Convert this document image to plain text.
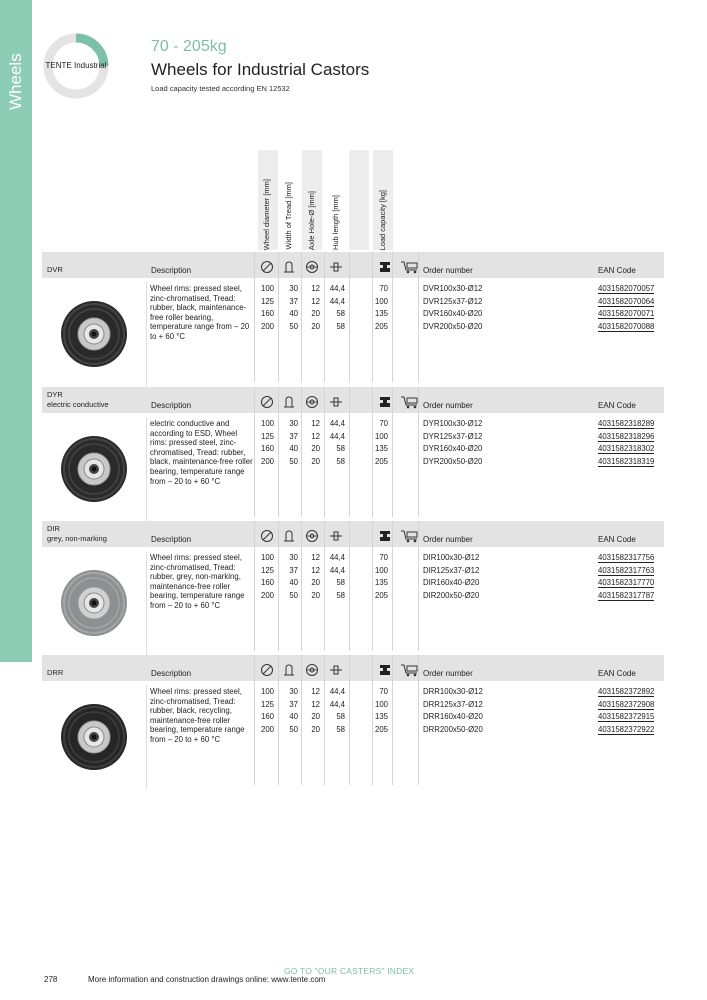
Wheels	TENTE Industrial
70 - 205kg
Wheels for Industrial Castors
Load capacity tested according EN 12532
Wheel diameter [mm] Width of Tread [mm] Axle Hole-Ø [mm] Hub length [mm]	Load capacity [kg]
DVR	Description	Order number	EAN Code
Wheel rims: pressed steel, zinc-chromatised, Tread: rubber, black, maintenance-free roller bearing, temperature range from – 20 to + 60 °C
100	30	12 44,4	70	DVR100x30-Ø12	4031582070057
125	37	12 44,4	100	DVR125x37-Ø12	4031582070064
160	40	20	58	135	DVR160x40-Ø20	4031582070071
200	50	20	58	205	DVR200x50-Ø20	4031582070088
DYR
electric conductive	Description	Order number	EAN Code
electric conductive and according to ESD, Wheel rims: pressed steel, zinc-chromatised, Tread: rubber, black, maintenance-free roller bearing, temperature range from – 20 to + 60 °C
100	30	12 44,4	70	DYR100x30-Ø12	4031582318289
125	37	12 44,4	100	DYR125x37-Ø12	4031582318296
160	40	20	58	135	DYR160x40-Ø20	4031582318302
200	50	20	58	205	DYR200x50-Ø20	4031582318319
DIR
grey, non-marking	Description	Order number	EAN Code
Wheel rims: pressed steel, zinc-chromatised, Tread: rubber, grey, non-marking, maintenance-free roller bearing, temperature range from – 20 to + 60 °C
100	30	12 44,4	70	DIR100x30-Ø12	4031582317756
125	37	12 44,4	100	DIR125x37-Ø12	4031582317763
160	40	20	58	135	DIR160x40-Ø20	4031582317770
200	50	20	58	205	DIR200x50-Ø20	4031582317787
DRR	Description	Order number	EAN Code
Wheel rims: pressed steel, zinc-chromatised, Tread: rubber, black, recycling, maintenance-free roller bearing, temperature range from – 20 to + 60 °C
100	30	12 44,4	70	DRR100x30-Ø12	4031582372892
125	37	12 44,4	100	DRR125x37-Ø12	4031582372908
160	40	20	58	135	DRR160x40-Ø20	4031582372915
200	50	20	58	205	DRR200x50-Ø20	4031582372922
GO TO "OUR CASTERS" INDEX
278	More information and construction drawings online: www.tente.com
